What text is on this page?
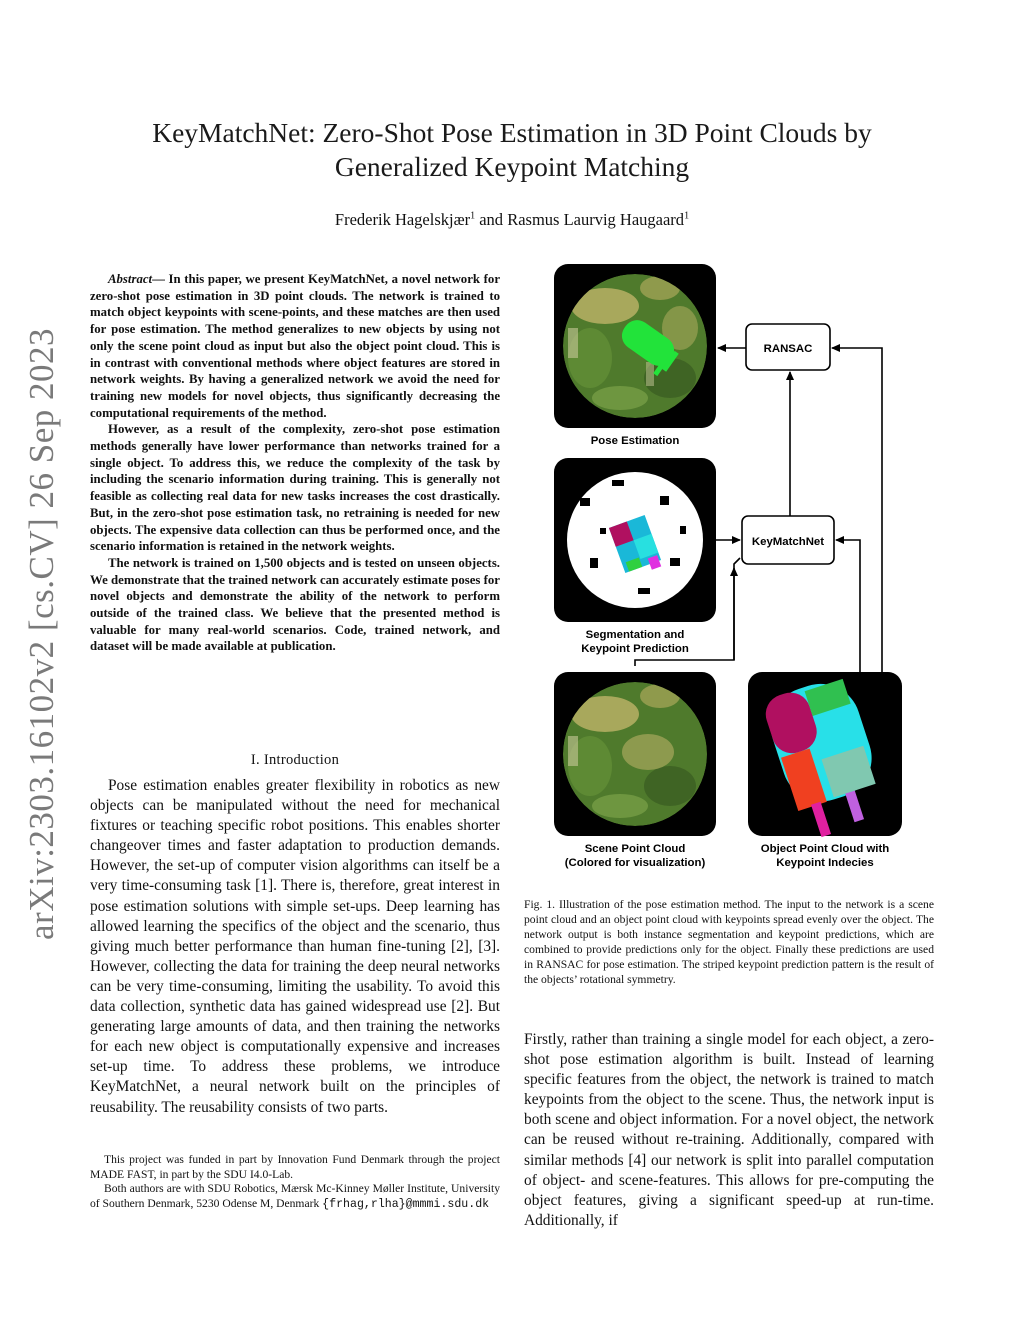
arXiv:2303.16102v2 [cs.CV] 26 Sep 2023
KeyMatchNet: Zero-Shot Pose Estimation in 3D Point Clouds by
Generalized Keypoint Matching
Frederik Hagelskjær$^1$ and Rasmus Laurvig Haugaard$^1$

Abstract— In this paper, we present KeyMatchNet, a novel network for zero-shot pose estimation in 3D point clouds. The network is trained to match object keypoints with scene-points, and these matches are then used for pose estimation. The method generalizes to new objects by using not only the scene point cloud as input but also the object point cloud. This is in contrast with conventional methods where object features are stored in network weights. By having a generalized network we avoid the need for training new models for novel objects, thus significantly decreasing the computational requirements of the method.

However, as a result of the complexity, zero-shot pose estimation methods generally have lower performance than networks trained for a single object. To address this, we reduce the complexity of the task by including the scenario information during training. This is generally not feasible as collecting real data for new tasks increases the cost drastically. But, in the zero-shot pose estimation task, no retraining is needed for new objects. The expensive data collection can thus be performed once, and the scenario information is retained in the network weights.

The network is trained on 1,500 objects and is tested on unseen objects. We demonstrate that the trained network can accurately estimate poses for novel objects and demonstrate the ability of the network to perform outside of the trained class. We believe that the presented method is valuable for many real-world scenarios. Code, trained network, and dataset will be made available at publication.

I. Introduction

Pose estimation enables greater flexibility in robotics as new objects can be manipulated without the need for mechanical fixtures or teaching specific robot positions. This enables shorter changeover times and faster adaptation to production demands. However, the set-up of computer vision algorithms can itself be a very time-consuming task [1]. There is, therefore, great interest in pose estimation solutions with simple set-ups. Deep learning has allowed learning the specifics of the object and the scenario, thus giving much better performance than human fine-tuning [2], [3]. However, collecting the data for training the deep neural networks can be very time-consuming, limiting the usability. To avoid this data collection, synthetic data has gained widespread use [2]. But generating large amounts of data, and then training the networks for each new object is computationally expensive and increases set-up time. To address these problems, we introduce KeyMatchNet, a neural network built on the principles of reusability. The reusability consists of two parts.

This project was funded in part by Innovation Fund Denmark through the project MADE FAST, in part by the SDU I4.0-Lab.

Both authors are with SDU Robotics, Mærsk Mc-Kinney Møller Institute, University of Southern Denmark, 5230 Odense M, Denmark {frhag,rlha}@mmmi.sdu.dk

Pose Estimation
Segmentation and
Keypoint Prediction
Scene Point Cloud
(Colored for visualization)
Object Point Cloud with
Keypoint Indecies
RANSAC
KeyMatchNet
Fig. 1. Illustration of the pose estimation method. The input to the network is a scene point cloud and an object point cloud with keypoints spread evenly over the object. The network output is both instance segmentation and keypoint predictions, which are combined to provide predictions only for the object. Finally these predictions are used in RANSAC for pose estimation. The striped keypoint prediction pattern is the result of the objects’ rotational symmetry.

Firstly, rather than training a single model for each object, a zero-shot pose estimation algorithm is built. Instead of learning specific features from the object, the network is trained to match keypoints from the object to the scene. Thus, the network input is both scene and object information. For a novel object, the network can be reused without re-training. Additionally, compared with similar methods [4] our network is split into parallel computation of object- and scene-features. This allows for pre-computing the object features, giving a significant speed-up at run-time. Additionally, if
